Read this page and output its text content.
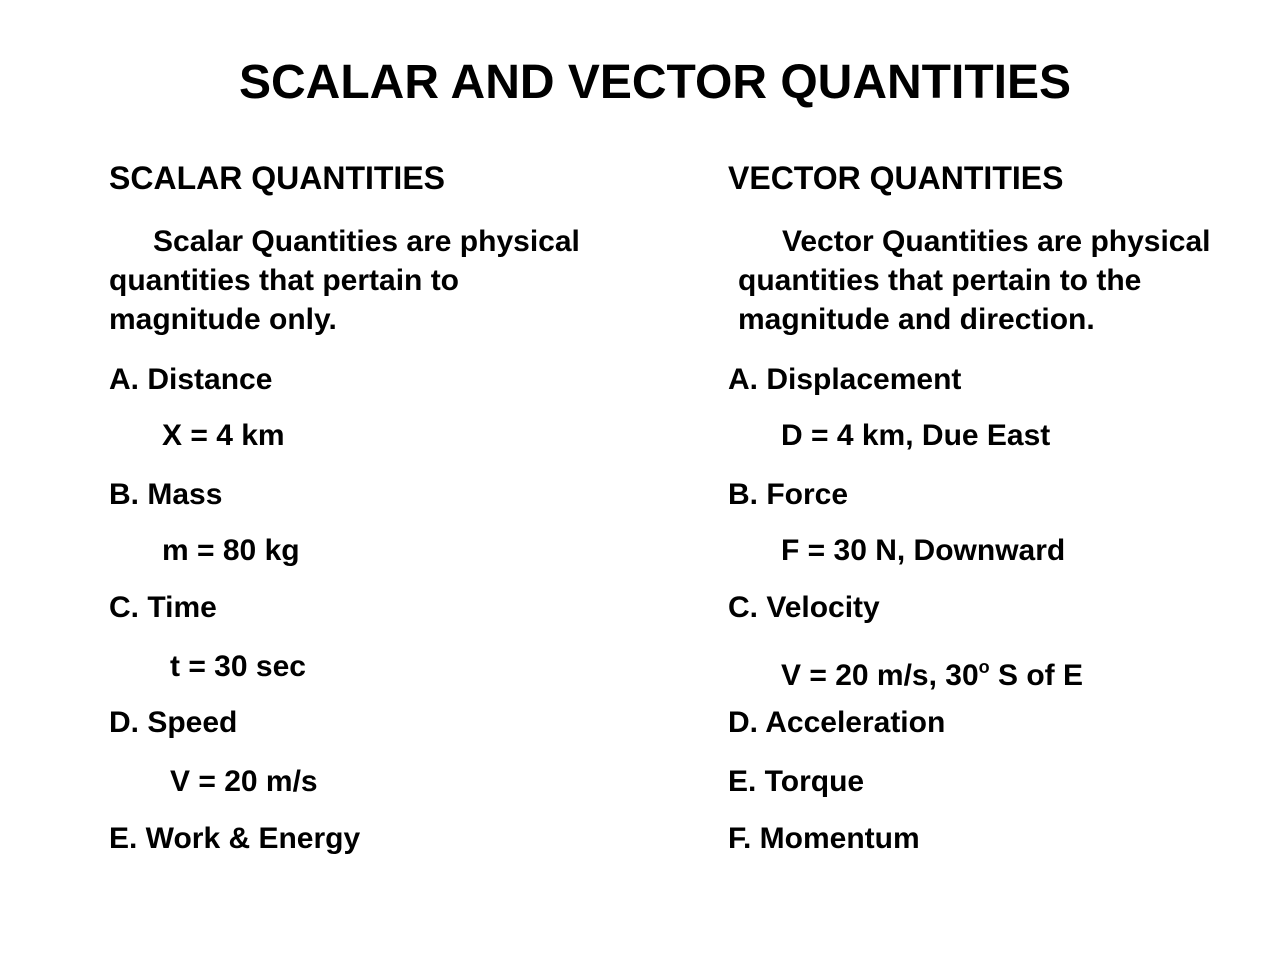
SCALAR AND VECTOR QUANTITIES
SCALAR QUANTITIES
Scalar Quantities are physical
quantities that pertain to
magnitude only.
A. Distance
X = 4 km
B. Mass
m = 80 kg
C. Time
t = 30 sec
D. Speed
V = 20 m/s
E. Work & Energy
VECTOR QUANTITIES
Vector Quantities are physical
quantities that pertain to the
magnitude and direction.
A. Displacement
D = 4 km, Due East
B. Force
F = 30 N, Downward
C. Velocity
V = 20 m/s, 30$^o$ S of E
D. Acceleration
E. Torque
F. Momentum
